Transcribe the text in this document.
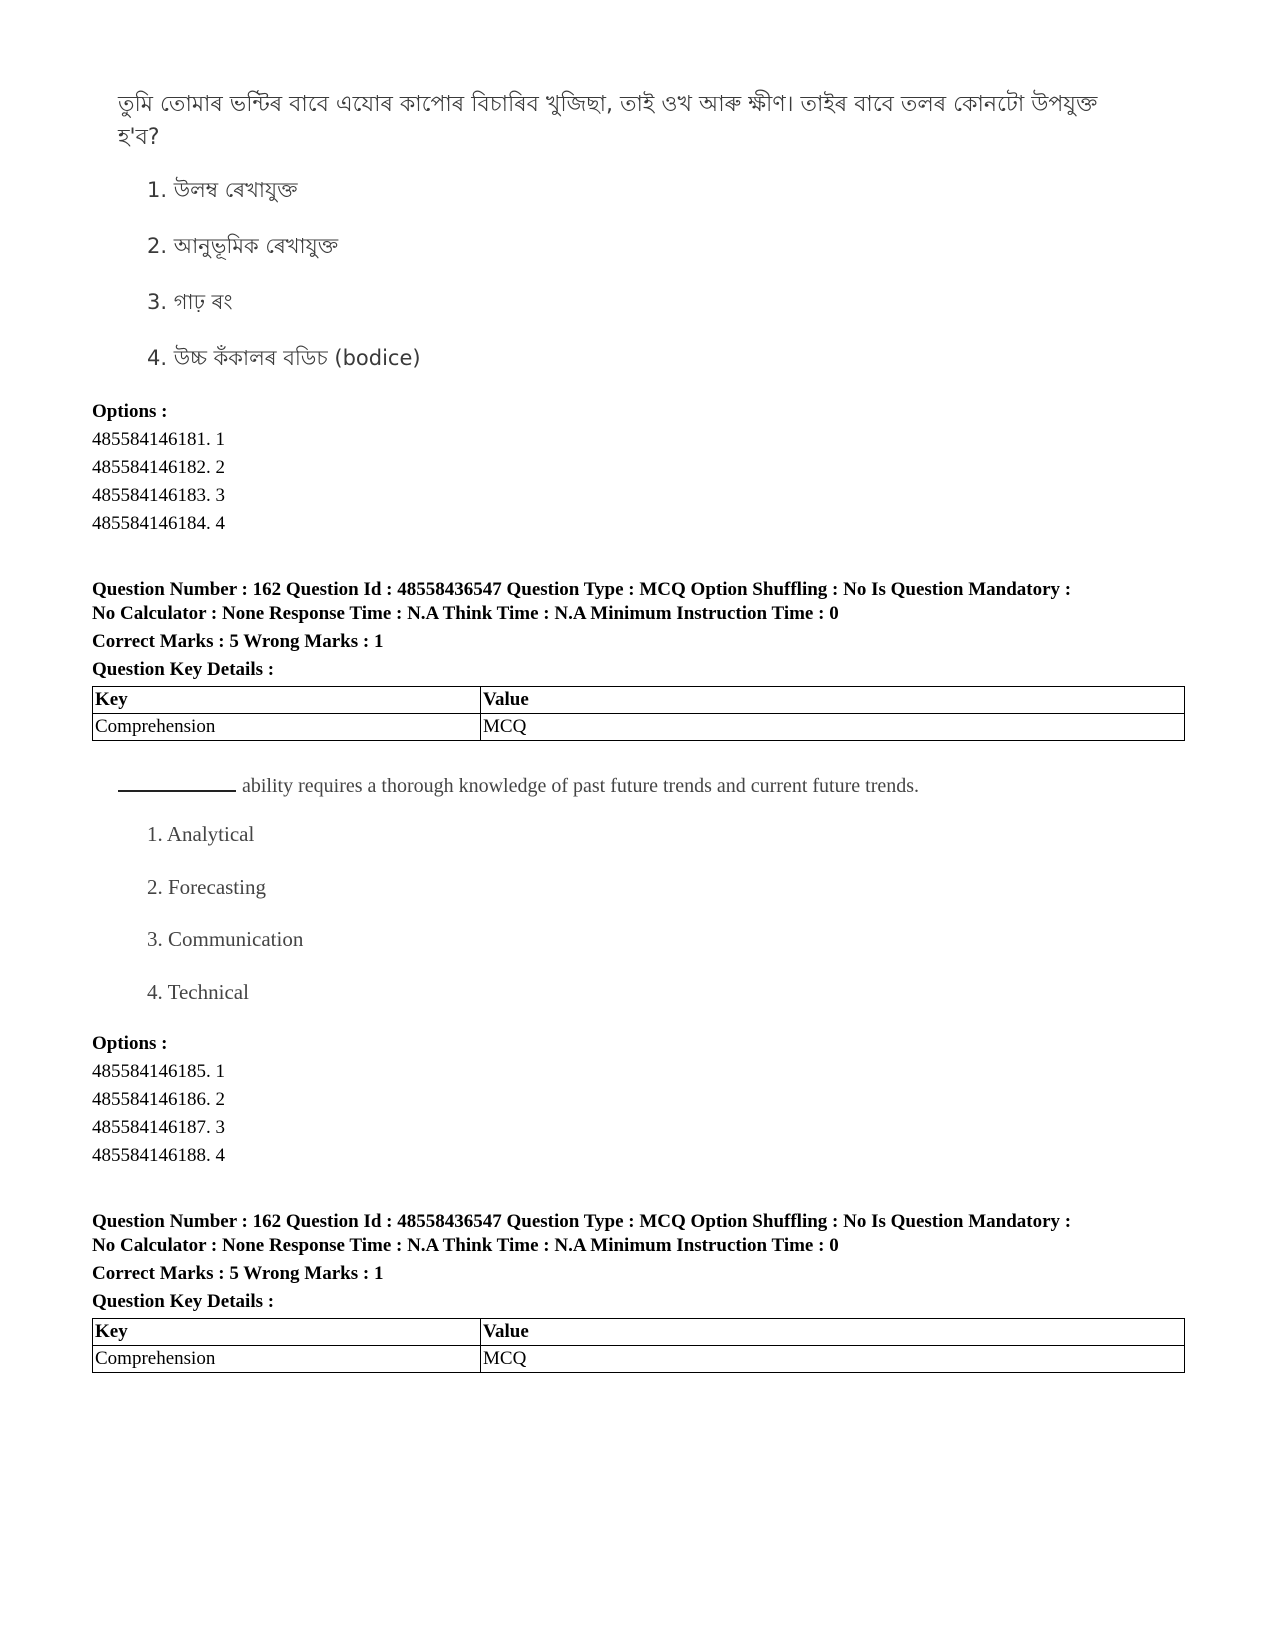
তুমি তোমাৰ ভন্টিৰ বাবে এযোৰ কাপোৰ বিচাৰিব খুজিছা, তাই ওখ আৰু ক্ষীণ। তাইৰ বাবে তলৰ কোনটো উপযুক্ত হ'ব?
1. উলম্ব ৰেখাযুক্ত
2. আনুভূমিক ৰেখাযুক্ত
3. গাঢ় ৰং
4. উচ্চ কঁকালৰ বডিচ (bodice)
Options :
485584146181. 1
485584146182. 2
485584146183. 3
485584146184. 4
Question Number : 162 Question Id : 48558436547 Question Type : MCQ Option Shuffling : No Is Question Mandatory :
No Calculator : None Response Time : N.A Think Time : N.A Minimum Instruction Time : 0
Correct Marks : 5 Wrong Marks : 1
Question Key Details :
Key	Value
Comprehension	MCQ
ability requires a thorough knowledge of past future trends and current future trends.
1. Analytical
2. Forecasting
3. Communication
4. Technical
Options :
485584146185. 1
485584146186. 2
485584146187. 3
485584146188. 4
Question Number : 162 Question Id : 48558436547 Question Type : MCQ Option Shuffling : No Is Question Mandatory :
No Calculator : None Response Time : N.A Think Time : N.A Minimum Instruction Time : 0
Correct Marks : 5 Wrong Marks : 1
Question Key Details :
Key	Value
Comprehension	MCQ
